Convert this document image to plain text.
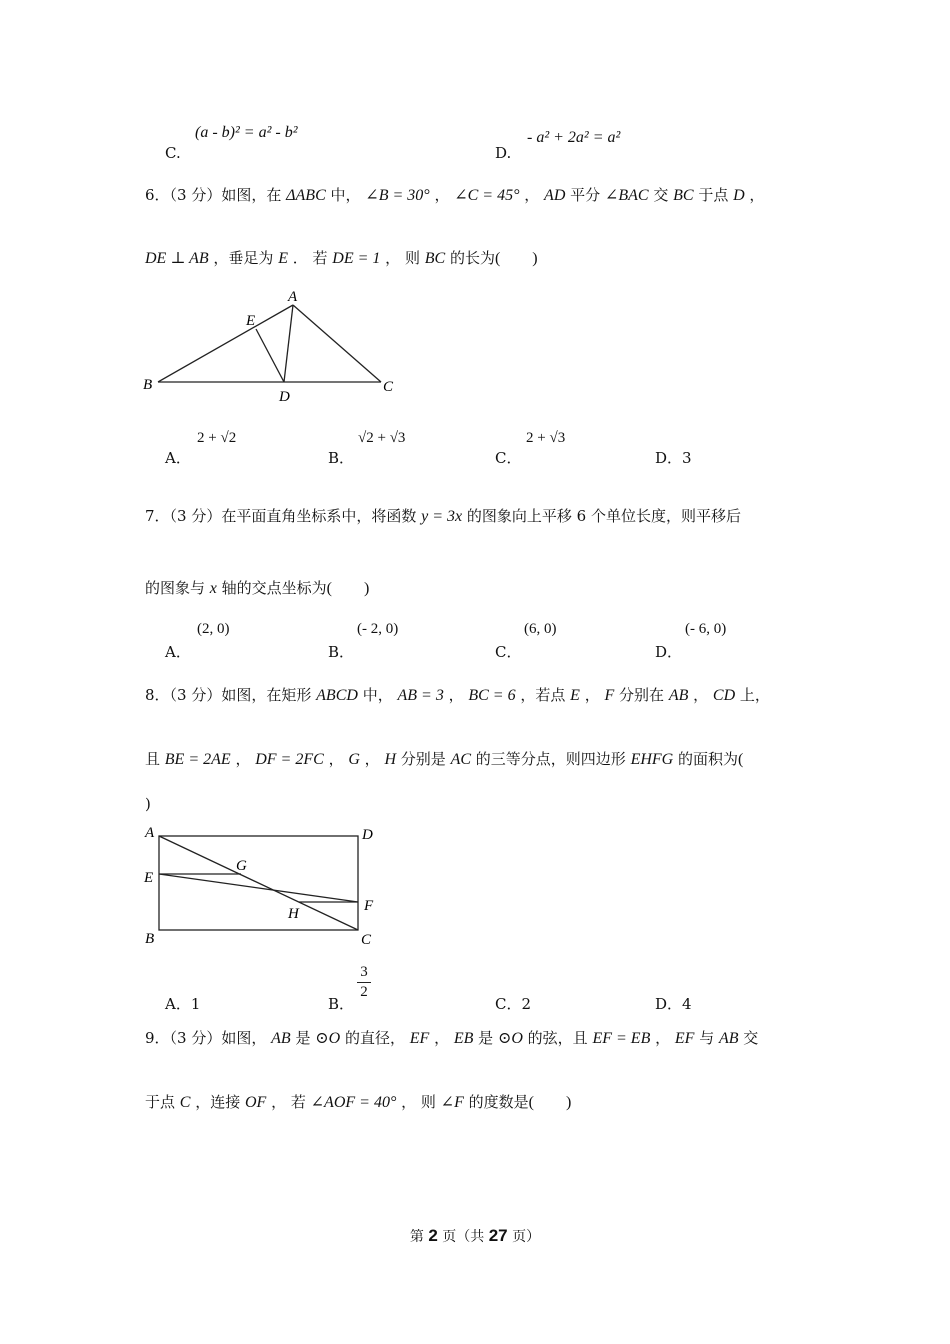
C.
(a - b)² = a² - b²
D.
- a² + 2a² = a²
6．（3 分）如图，在 ΔABC 中， ∠B = 30° ， ∠C = 45° ， AD 平分 ∠BAC 交 BC 于点 D ，
DE ⊥ AB ，垂足为 E ． 若 DE = 1 ， 则 BC 的长为(　　)
A
B	C
D
E
A．
2 + √2
B．
√2 + √3
C．
2 + √3
D．3
7．（3 分）在平面直角坐标系中，将函数 y = 3x 的图象向上平移 6 个单位长度，则平移后
的图象与 x 轴的交点坐标为(　　)
A．
(2, 0)
B．
(- 2, 0)
C．
(6, 0)
D．
(- 6, 0)
8．（3 分）如图，在矩形 ABCD 中， AB = 3 ， BC = 6 ，若点 E ， F 分别在 AB ， CD 上，
且 BE = 2AE ， DF = 2FC ， G ， H 分别是 AC 的三等分点，则四边形 EHFG 的面积为(
)
A	D
E
G
F
H
B	C
A．1	B．
3
2
C．2	D．4
9．（3 分）如图， AB 是 ⊙O 的直径， EF ， EB 是 ⊙O 的弦，且 EF = EB ， EF 与 AB 交
于点 C ，连接 OF ， 若 ∠AOF = 40° ， 则 ∠F 的度数是(　　)
第 2 页（共 27 页）
